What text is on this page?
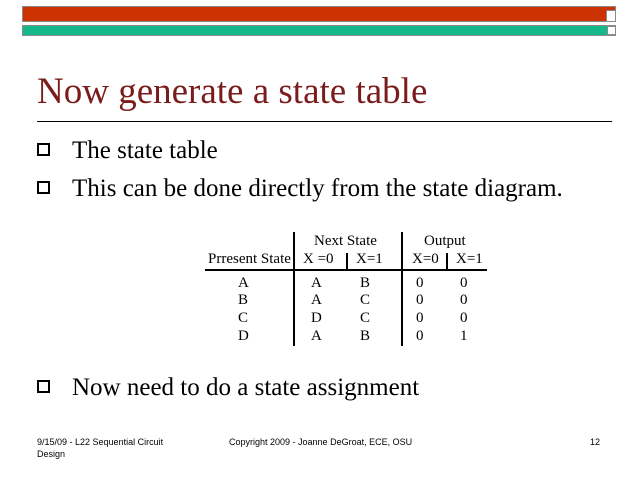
Now generate a state table
The state table
This can be done directly from the state diagram.
Next State	Output
Prresent State X =0 X=1 X=0 X=1
A	A	B	0 0
B	A	C	0 0
C	D	C	0 0
D	A	B	0 1
Now need to do a state assignment
9/15/09 - L22 Sequential Circuit Design
Copyright 2009 - Joanne DeGroat, ECE, OSU	12
